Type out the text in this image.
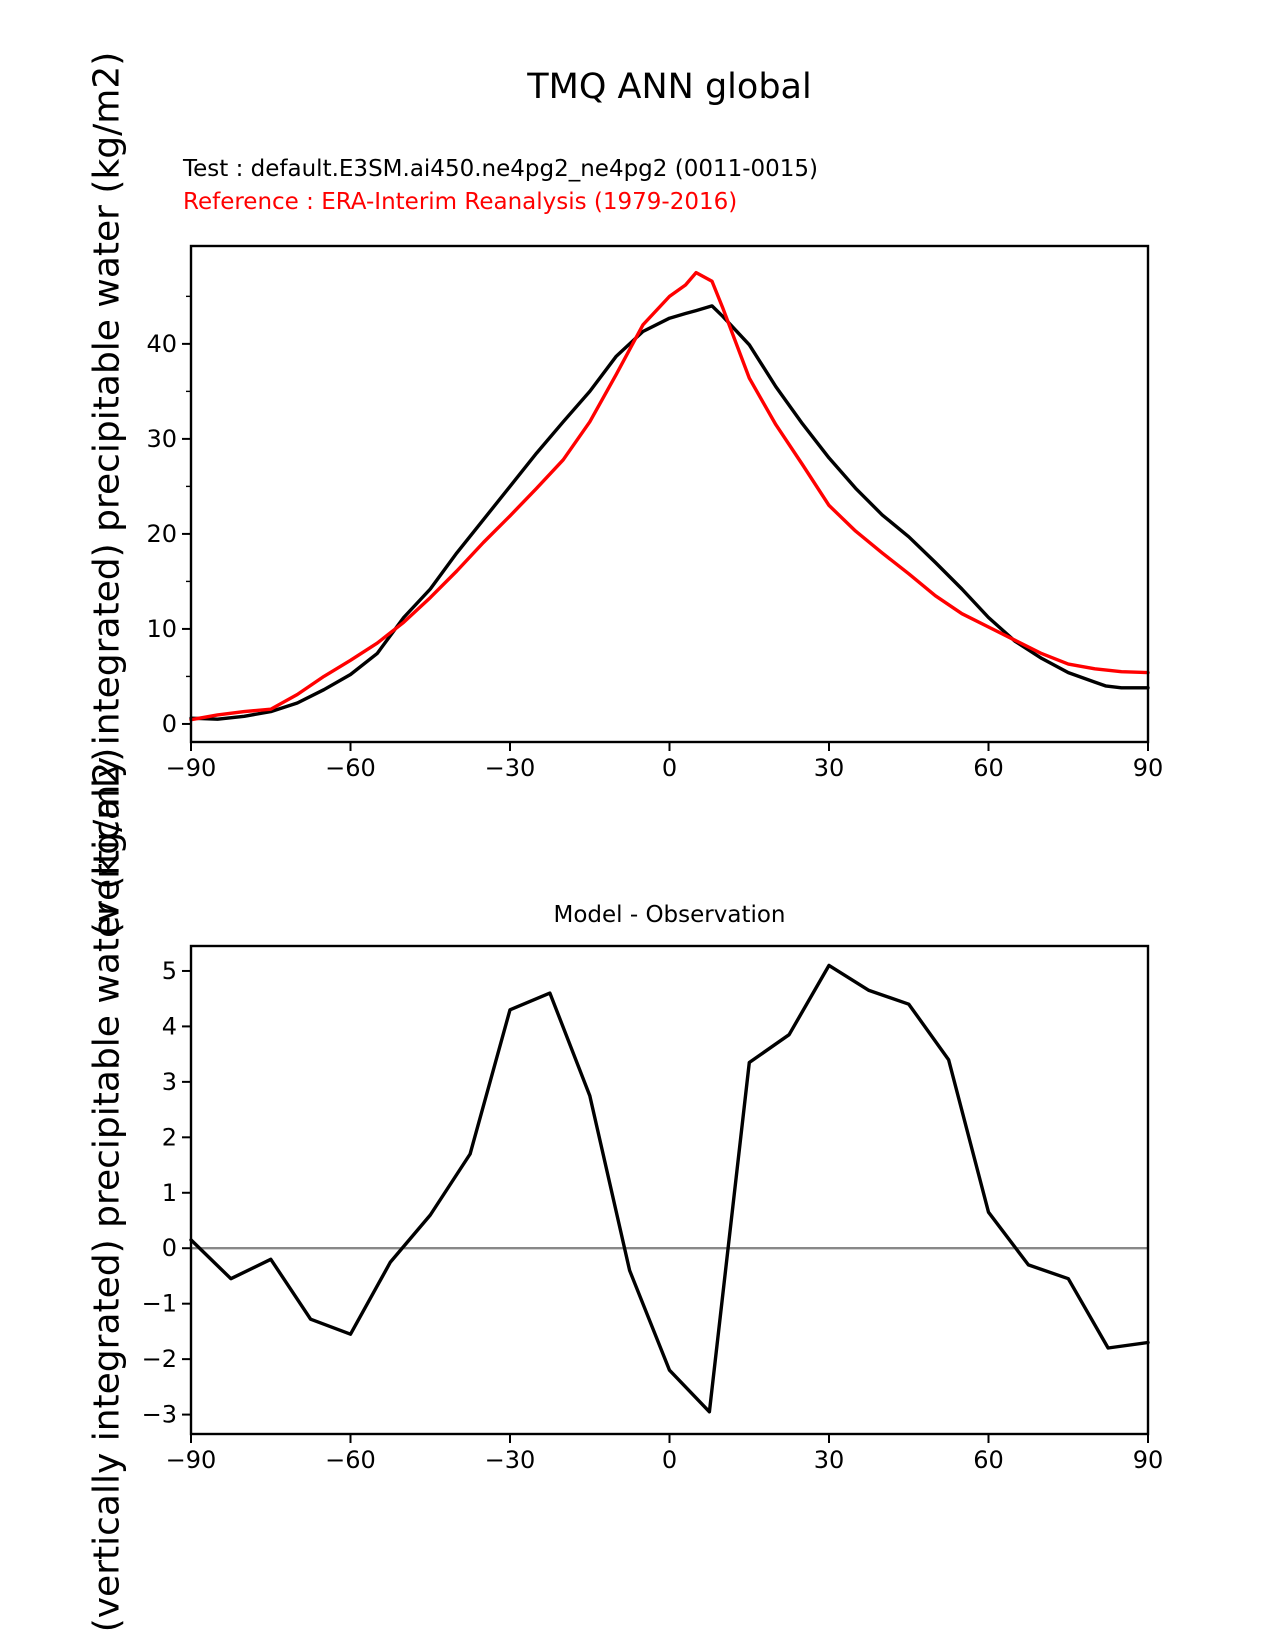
TMQ ANN global
Test : default.E3SM.ai450.ne4pg2_ne4pg2 (0011-0015)
Reference : ERA-Interim Reanalysis (1979-2016)
(vertically integrated) precipitable water (kg/m2)
(vertically integrated) precipitable water (kg/m2)	Model - Observation
−90	−60	−30	0	30	60	90
0
10
20
30
40
−90	−60	−30	0	30	60	90
−3
−2
−1
0
1
2
3
4
5
